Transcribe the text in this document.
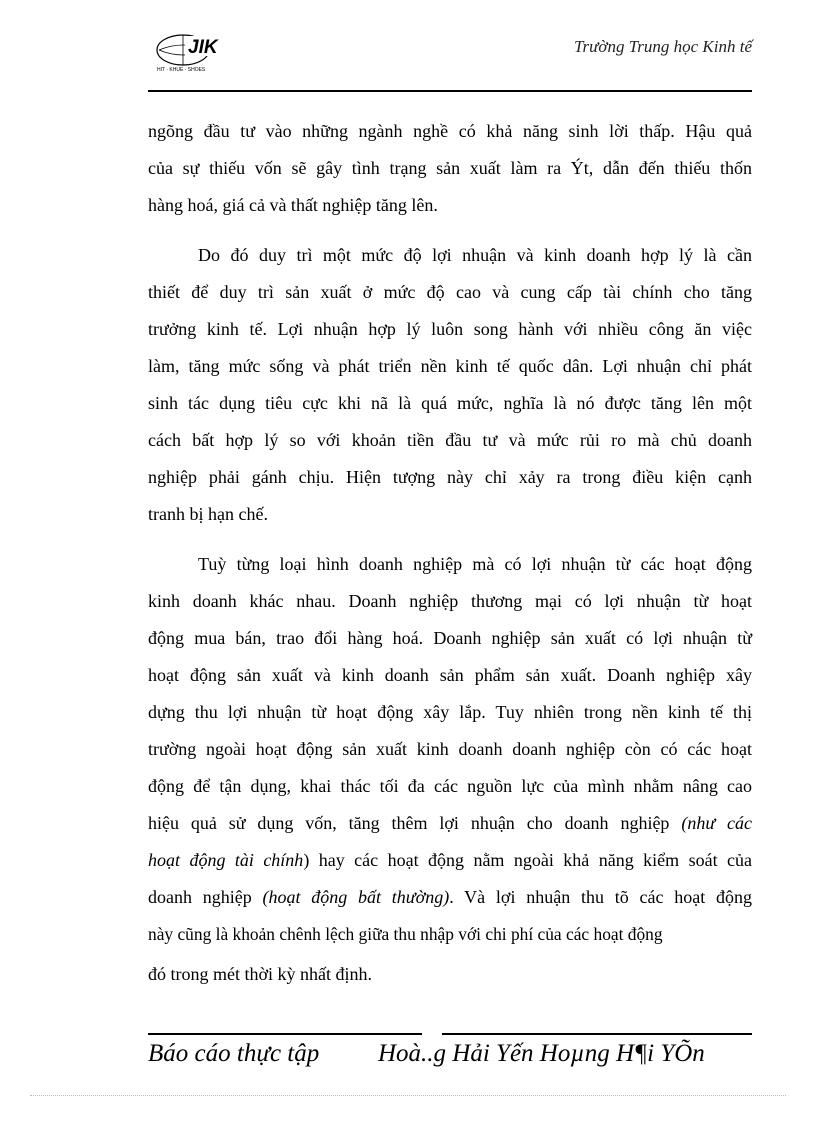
JIK
HIT · KHUE · SHOES
Trường Trung học Kinh tế
ngõng đầu tư vào những ngành nghề có khả năng sinh lời thấp. Hậu quả
của sự thiếu vốn sẽ gây tình trạng sản xuất làm ra Ýt, dẫn đến thiếu thốn
hàng hoá, giá cả và thất nghiệp tăng lên.
Do đó duy trì một mức độ lợi nhuận và kinh doanh hợp lý là cần
thiết để duy trì sản xuất ở mức độ cao và cung cấp tài chính cho tăng
trưởng kinh tế. Lợi nhuận hợp lý luôn song hành với nhiều công ăn việc
làm, tăng mức sống và phát triển nền kinh tế quốc dân. Lợi nhuận chỉ phát
sinh tác dụng tiêu cực khi nã là quá mức, nghĩa là nó được tăng lên một
cách bất hợp lý so với khoản tiền đầu tư và mức rủi ro mà chủ doanh
nghiệp phải gánh chịu. Hiện tượng này chỉ xảy ra trong điều kiện cạnh
tranh bị hạn chế.
Tuỳ từng loại hình doanh nghiệp mà có lợi nhuận từ các hoạt động
kinh doanh khác nhau. Doanh nghiệp thương mại có lợi nhuận từ hoạt
động mua bán, trao đổi hàng hoá. Doanh nghiệp sản xuất có lợi nhuận từ
hoạt động sản xuất và kinh doanh sản phẩm sản xuất. Doanh nghiệp xây
dựng thu lợi nhuận từ hoạt động xây lắp. Tuy nhiên trong nền kinh tế thị
trường ngoài hoạt động sản xuất kinh doanh doanh nghiệp còn có các hoạt
động để tận dụng, khai thác tối đa các nguồn lực của mình nhằm nâng cao
hiệu quả sử dụng vốn, tăng thêm lợi nhuận cho doanh nghiệp (như các
hoạt động tài chính) hay các hoạt động nằm ngoài khả năng kiểm soát của
doanh nghiệp (hoạt động bất thường). Và lợi nhuận thu tõ các hoạt động
này cũng là khoản chênh lệch giữa thu nhập với chi phí của các hoạt động
đó trong mét thời kỳ nhất định.
Báo cáo thực tập Hoà..g Hải Yến Hoµng H¶i YÕn
